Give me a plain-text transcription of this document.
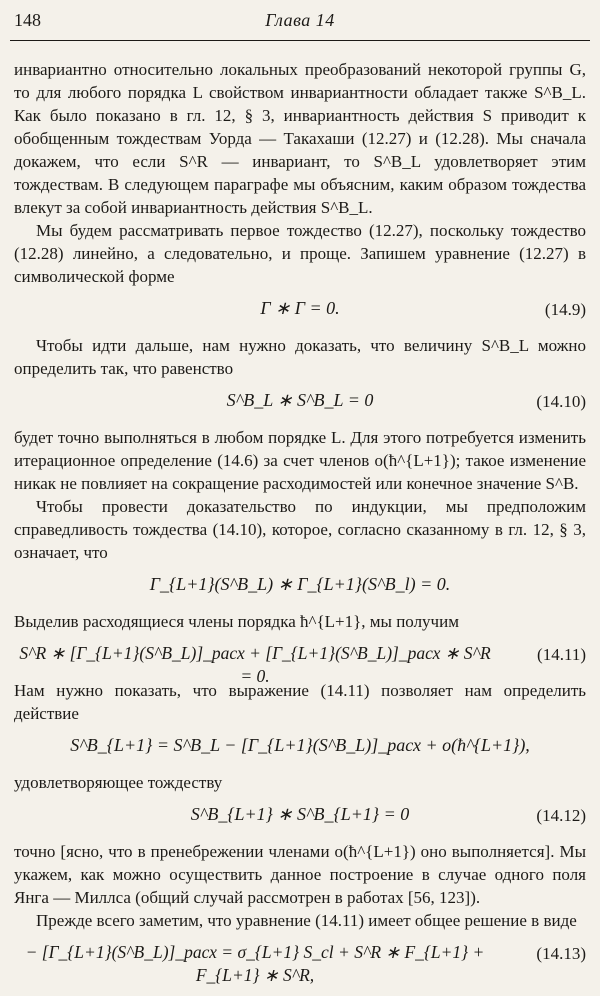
148	Глава 14

инвариантно относительно локальных преобразований некоторой группы G, то для любого порядка L свойством инвариантности обладает также S^B_L. Как было показано в гл. 12, § 3, инвариантность действия S приводит к обобщенным тождествам Уорда — Такахаши (12.27) и (12.28). Мы сначала докажем, что если S^R — инвариант, то S^B_L удовлетворяет этим тождествам. В следующем параграфе мы объясним, каким образом тождества влекут за собой инвариантность действия S^B_L.

Мы будем рассматривать первое тождество (12.27), поскольку тождество (12.28) линейно, а следовательно, и проще. Запишем уравнение (12.27) в символической форме

Γ ∗ Γ = 0.	(14.9)

Чтобы идти дальше, нам нужно доказать, что величину S^B_L можно определить так, что равенство

S^B_L ∗ S^B_L = 0	(14.10)

будет точно выполняться в любом порядке L. Для этого потребуется изменить итерационное определение (14.6) за счет членов o(ħ^{L+1}); такое изменение никак не повлияет на сокращение расходимостей или конечное значение S^B.

Чтобы провести доказательство по индукции, мы предположим справедливость тождества (14.10), которое, согласно сказанному в гл. 12, § 3, означает, что

Γ_{L+1}(S^B_L) ∗ Γ_{L+1}(S^B_l) = 0.

Выделив расходящиеся члены порядка ħ^{L+1}, мы получим

S^R ∗ [Γ_{L+1}(S^B_L)]_расх + [Γ_{L+1}(S^B_L)]_расх ∗ S^R = 0.
(14.11)

Нам нужно показать, что выражение (14.11) позволяет нам определить действие

S^B_{L+1} = S^B_L − [Γ_{L+1}(S^B_L)]_расх + o(ħ^{L+1}),

удовлетворяющее тождеству

S^B_{L+1} ∗ S^B_{L+1} = 0	(14.12)

точно [ясно, что в пренебрежении членами o(ħ^{L+1}) оно выполняется]. Мы укажем, как можно осуществить данное построение в случае одного поля Янга — Миллса (общий случай рассмотрен в работах [56, 123]).

Прежде всего заметим, что уравнение (14.11) имеет общее решение в виде

− [Γ_{L+1}(S^B_L)]_расх = σ_{L+1} S_cl + S^R ∗ F_{L+1} + F_{L+1} ∗ S^R,
(14.13)
